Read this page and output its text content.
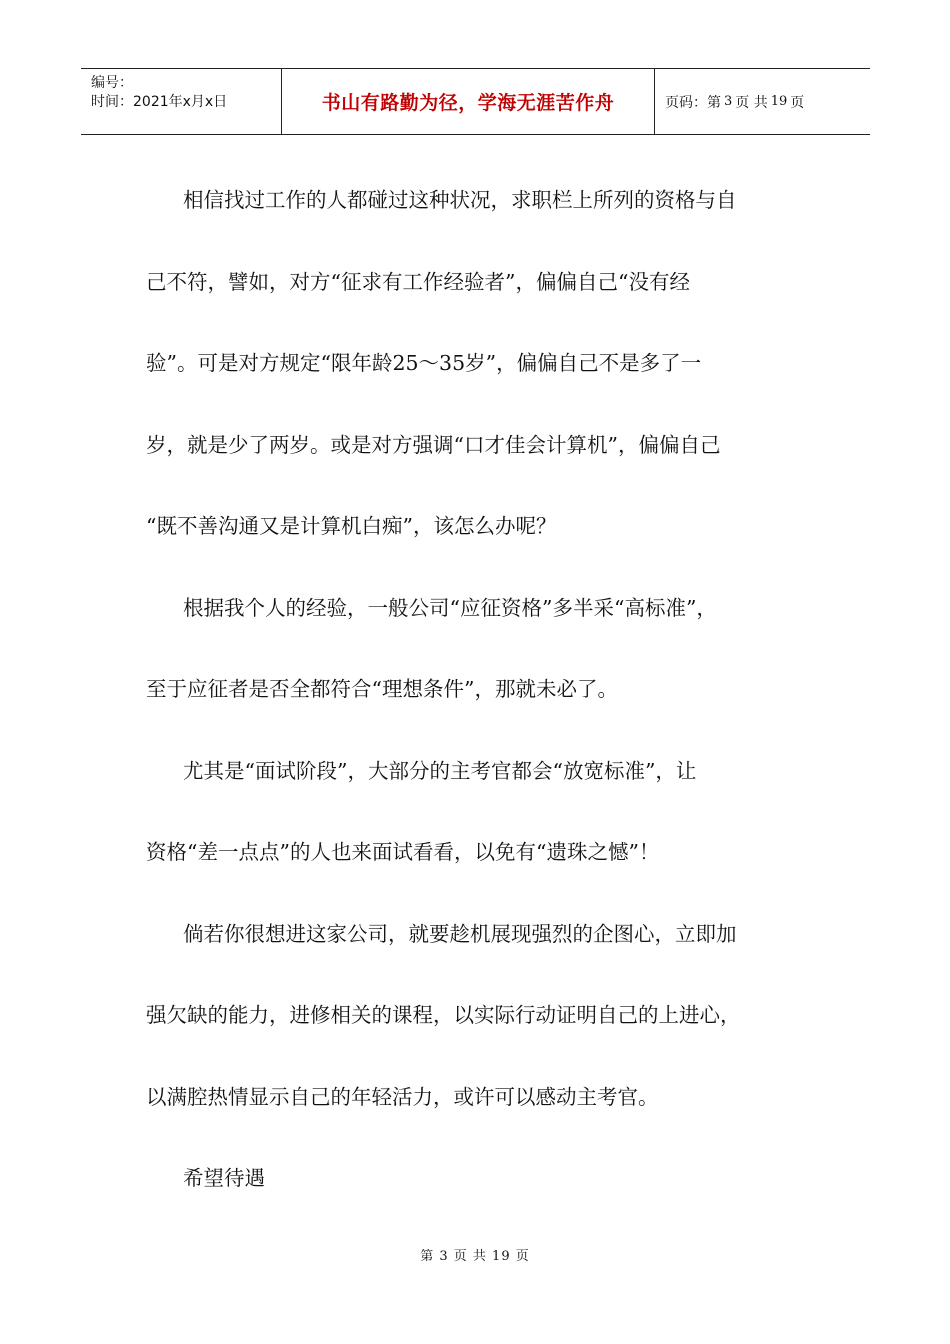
编号：
时间：2021年x月x日	书山有路勤为径，学海无涯苦作舟	页码：第 3 页 共 19 页
相信找过工作的人都碰过这种状况，求职栏上所列的资格与自
己不符，譬如，对方“征求有工作经验者”，偏偏自己“没有经
验”。可是对方规定“限年龄25～35岁”，偏偏自己不是多了一
岁，就是少了两岁。或是对方强调“口才佳会计算机”，偏偏自己
“既不善沟通又是计算机白痴”，该怎么办呢？
根据我个人的经验，一般公司“应征资格”多半采“高标准”，
至于应征者是否全都符合“理想条件”，那就未必了。
尤其是“面试阶段”，大部分的主考官都会“放宽标准”，让
资格“差一点点”的人也来面试看看，以免有“遗珠之憾”！
倘若你很想进这家公司，就要趁机展现强烈的企图心，立即加
强欠缺的能力，进修相关的课程，以实际行动证明自己的上进心，
以满腔热情显示自己的年轻活力，或许可以感动主考官。
希望待遇
第 3 页 共 19 页
